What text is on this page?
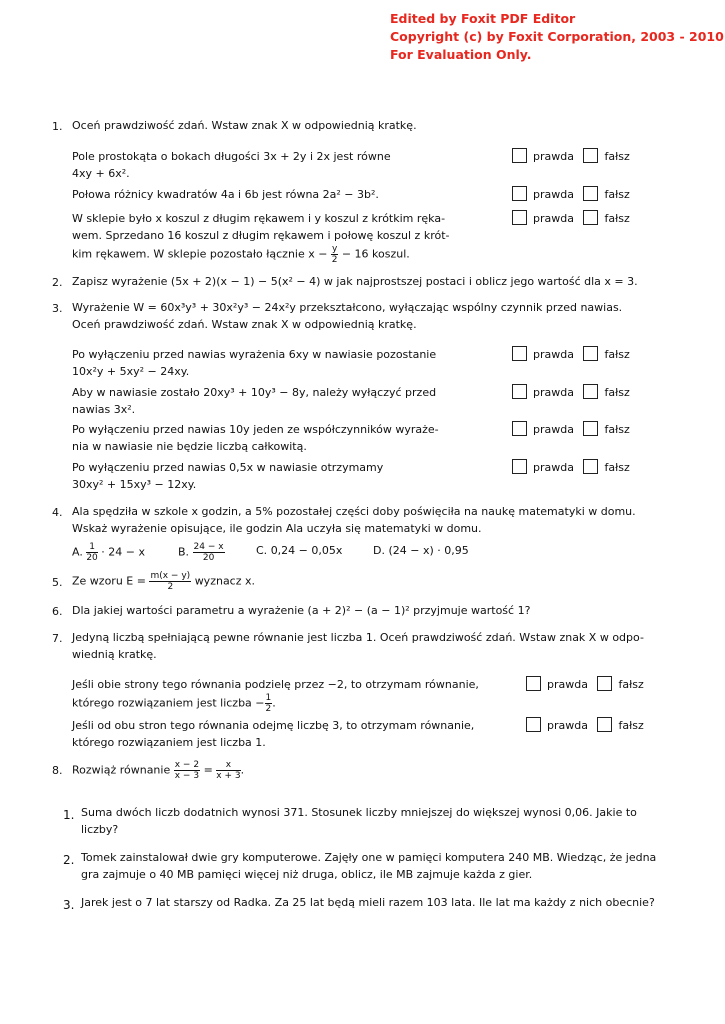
Edited by Foxit PDF Editor
Copyright (c) by Foxit Corporation, 2003 - 2010
For Evaluation Only.
1. Oceń prawdziwość zdań. Wstaw znak X w odpowiednią kratkę.
Pole prostokąta o bokach długości 3x + 2y i 2x jest równe
4xy + 6x².
prawda	fałsz
Połowa różnicy kwadratów 4a i 6b jest równa 2a² − 3b².	prawda	fałsz
W sklepie było x koszul z długim rękawem i y koszul z krótkim ręka-
wem. Sprzedano 16 koszul z długim rękawem i połowę koszul z krót-
kim rękawem. W sklepie pozostało łącznie $x - \frac{y}{2} - 16$ koszul.
prawda	fałsz
2. Zapisz wyrażenie (5x + 2)(x − 1) − 5(x² − 4) w jak najprostszej postaci i oblicz jego wartość dla x = 3.
3. Wyrażenie W = 60x³y³ + 30x²y³ − 24x²y przekształcono, wyłączając wspólny czynnik przed nawias.
Oceń prawdziwość zdań. Wstaw znak X w odpowiednią kratkę.
Po wyłączeniu przed nawias wyrażenia 6xy w nawiasie pozostanie
10x²y + 5xy² − 24xy.
prawda	fałsz
Aby w nawiasie zostało 20xy³ + 10y³ − 8y, należy wyłączyć przed
nawias 3x².
prawda	fałsz
Po wyłączeniu przed nawias 10y jeden ze współczynników wyraże-
nia w nawiasie nie będzie liczbą całkowitą.
prawda	fałsz
Po wyłączeniu przed nawias 0,5x w nawiasie otrzymamy
30xy² + 15xy³ − 12xy.
prawda	fałsz
4. Ala spędziła w szkole x godzin, a 5% pozostałej części doby poświęciła na naukę matematyki w domu.
Wskaż wyrażenie opisujące, ile godzin Ala uczyła się matematyki w domu.
A. $\frac{1}{20} \cdot 24 - x$	B. $\frac{24 - x}{20}$	C. 0,24 − 0,05x	D. (24 − x) · 0,95
5. Ze wzoru $E = \frac{m(x - y)}{2}$ wyznacz x.
6. Dla jakiej wartości parametru a wyrażenie (a + 2)² − (a − 1)² przyjmuje wartość 1?
7. Jedyną liczbą spełniającą pewne równanie jest liczba 1. Oceń prawdziwość zdań. Wstaw znak X w odpo-
wiednią kratkę.
Jeśli obie strony tego równania podzielę przez −2, to otrzymam równanie,
którego rozwiązaniem jest liczba − $\frac{1}{2}$ .
prawda	fałsz
Jeśli od obu stron tego równania odejmę liczbę 3, to otrzymam równanie,
którego rozwiązaniem jest liczba 1.
prawda	fałsz
8. Rozwiąż równanie $\frac{x - 2}{x - 3} = \frac{x}{x + 3}$ .
1. Suma dwóch liczb dodatnich wynosi 371. Stosunek liczby mniejszej do większej wynosi 0,06. Jakie to
liczby?
2. Tomek zainstalował dwie gry komputerowe. Zajęły one w pamięci komputera 240 MB. Wiedząc, że jedna
gra zajmuje o 40 MB pamięci więcej niż druga, oblicz, ile MB zajmuje każda z gier.
3. Jarek jest o 7 lat starszy od Radka. Za 25 lat będą mieli razem 103 lata. Ile lat ma każdy z nich obecnie?
